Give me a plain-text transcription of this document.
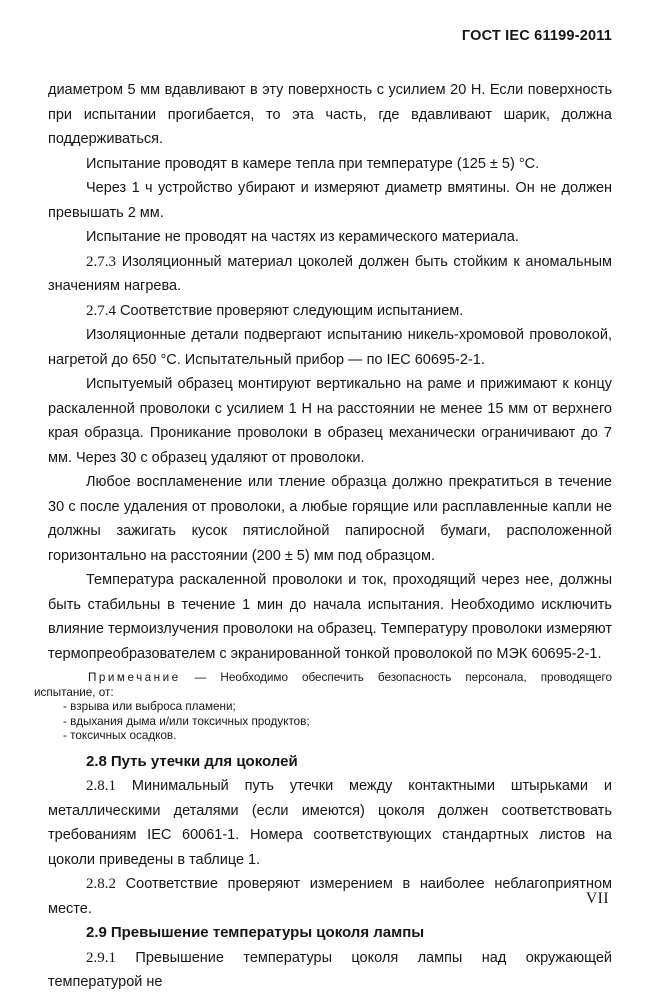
ГОСТ IEC 61199-2011

диаметром 5 мм вдавливают в эту поверхность с усилием 20 Н. Если поверхность при испытании прогибается, то эта часть, где вдавливают шарик, должна поддерживаться.

Испытание проводят в камере тепла при температуре (125 ± 5) °С.

Через 1 ч устройство убирают и измеряют диаметр вмятины. Он не должен превышать 2 мм.

Испытание не проводят на частях из керамического материала.

2.7.3 Изоляционный материал цоколей должен быть стойким к аномальным значениям нагрева.

2.7.4 Соответствие проверяют следующим испытанием.

Изоляционные детали подвергают испытанию никель-хромовой проволокой, нагретой до 650 °С. Испытательный прибор — по IEC 60695-2-1.

Испытуемый образец монтируют вертикально на раме и прижимают к концу раскаленной проволоки с усилием 1 Н на расстоянии не менее 15 мм от верхнего края образца. Проникание проволоки в образец механически ограничивают до 7 мм. Через 30 с образец удаляют от проволоки.

Любое воспламенение или тление образца должно прекратиться в течение 30 с после удаления от проволоки, а любые горящие или расплавленные капли не должны зажигать кусок пятислойной папиросной бумаги, расположенной горизонтально на расстоянии (200 ± 5) мм под образцом.

Температура раскаленной проволоки и ток, проходящий через нее, должны быть стабильны в течение 1 мин до начала испытания. Необходимо исключить влияние термоизлучения проволоки на образец. Температуру проволоки измеряют термопреобразователем с экранированной тонкой проволокой по МЭК 60695-2-1.

Примечание — Необходимо обеспечить безопасность персонала, проводящего испытание, от:

- взрыва или выброса пламени;
- вдыхания дыма и/или токсичных продуктов;
- токсичных осадков.
2.8 Путь утечки для цоколей

2.8.1 Минимальный путь утечки между контактными штырьками и металлическими деталями (если имеются) цоколя должен соответствовать требованиям IEC 60061-1. Номера соответствующих стандартных листов на цоколи приведены в таблице 1.

2.8.2 Соответствие проверяют измерением в наиболее неблагоприятном месте.

2.9 Превышение температуры цоколя лампы

2.9.1 Превышение температуры цоколя лампы над окружающей температурой не

VII
